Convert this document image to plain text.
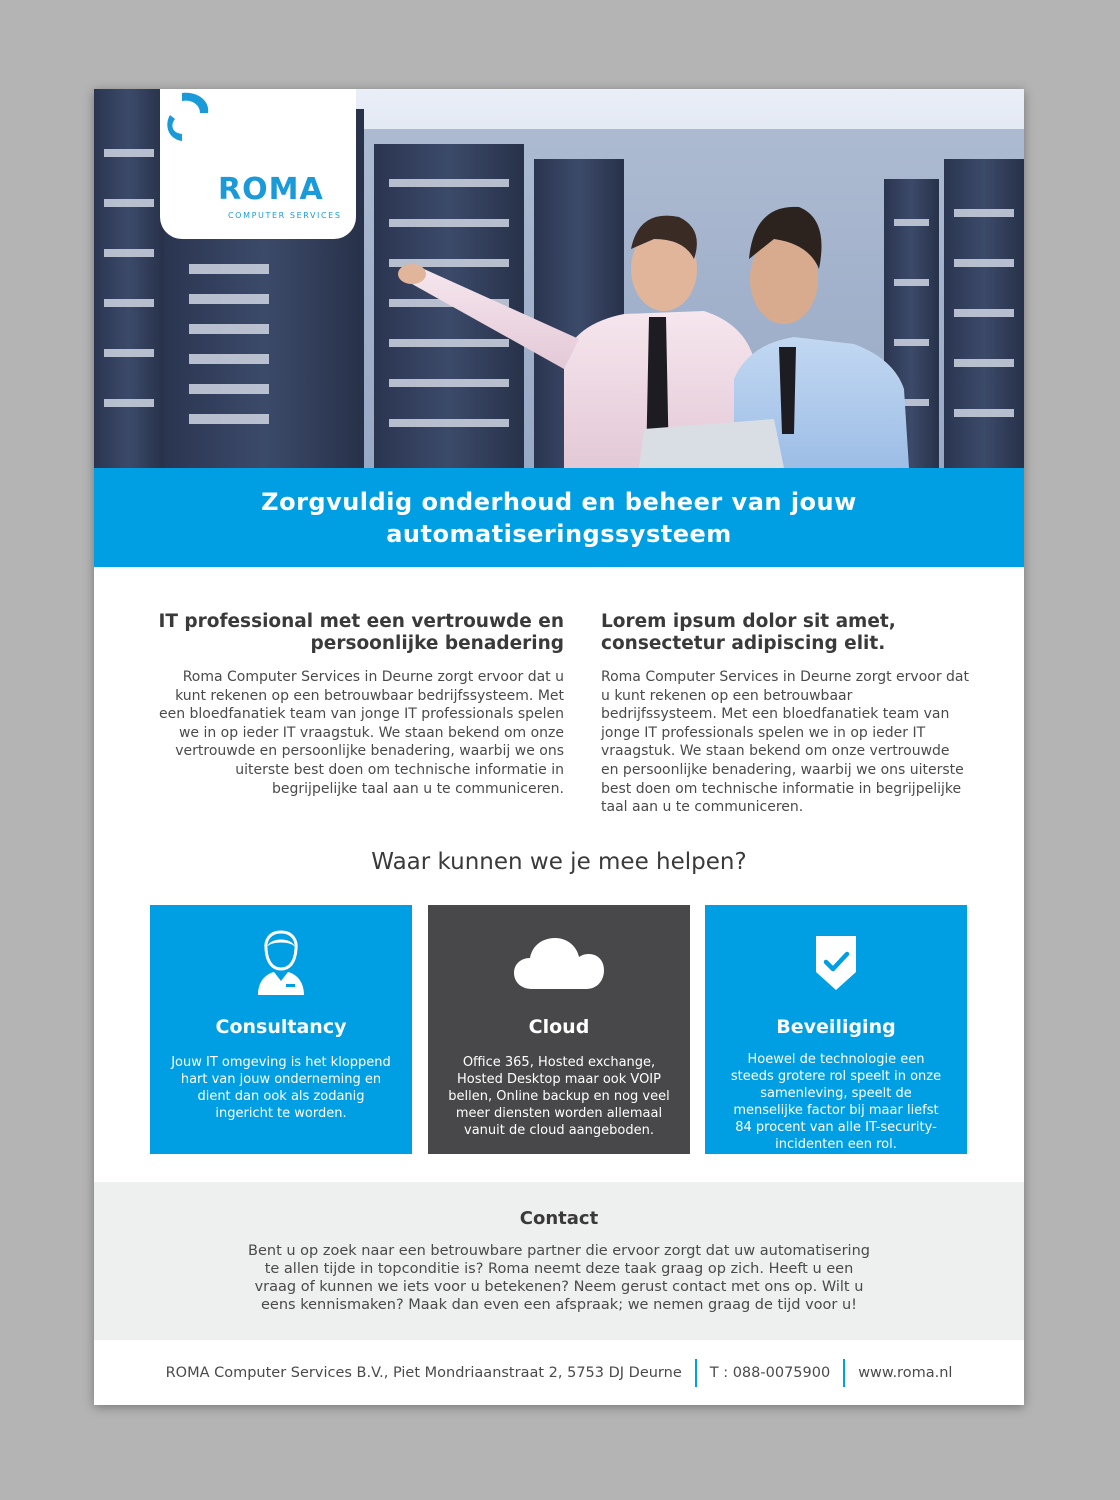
ROMA
COMPUTER SERVICES
Zorgvuldig onderhoud en beheer van jouw automatiseringssysteem
IT professional met een vertrouwde en persoonlijke benadering

Roma Computer Services in Deurne zorgt ervoor dat u kunt rekenen op een betrouwbaar bedrijfssysteem. Met een bloedfanatiek team van jonge IT professionals spelen we in op ieder IT vraagstuk. We staan bekend om onze vertrouwde en persoonlijke benadering, waarbij we ons uiterste best doen om technische informatie in begrijpelijke taal aan u te communiceren.

Lorem ipsum dolor sit amet, consectetur adipiscing elit.

Roma Computer Services in Deurne zorgt ervoor dat u kunt rekenen op een betrouwbaar bedrijfssysteem. Met een bloedfanatiek team van jonge IT professionals spelen we in op ieder IT vraagstuk. We staan bekend om onze vertrouwde en persoonlijke benadering, waarbij we ons uiterste best doen om technische informatie in begrijpelijke taal aan u te communiceren.

Waar kunnen we je mee helpen?
Consultancy

Jouw IT omgeving is het kloppend hart van jouw onderneming en dient dan ook als zodanig ingericht te worden.

Cloud

Office 365, Hosted exchange, Hosted Desktop maar ook VOIP bellen, Online backup en nog veel meer diensten worden allemaal vanuit de cloud aangeboden.

Beveiliging

Hoewel de technologie een steeds grotere rol speelt in onze samenleving, speelt de menselijke factor bij maar liefst 84 procent van alle IT-security-incidenten een rol.

Contact

Bent u op zoek naar een betrouwbare partner die ervoor zorgt dat uw automatisering te allen tijde in topconditie is? Roma neemt deze taak graag op zich. Heeft u een vraag of kunnen we iets voor u betekenen? Neem gerust contact met ons op. Wilt u eens kennismaken? Maak dan even een afspraak; we nemen graag de tijd voor u!

ROMA Computer Services B.V., Piet Mondriaanstraat 2, 5753 DJ Deurne T : 088-0075900 www.roma.nl
